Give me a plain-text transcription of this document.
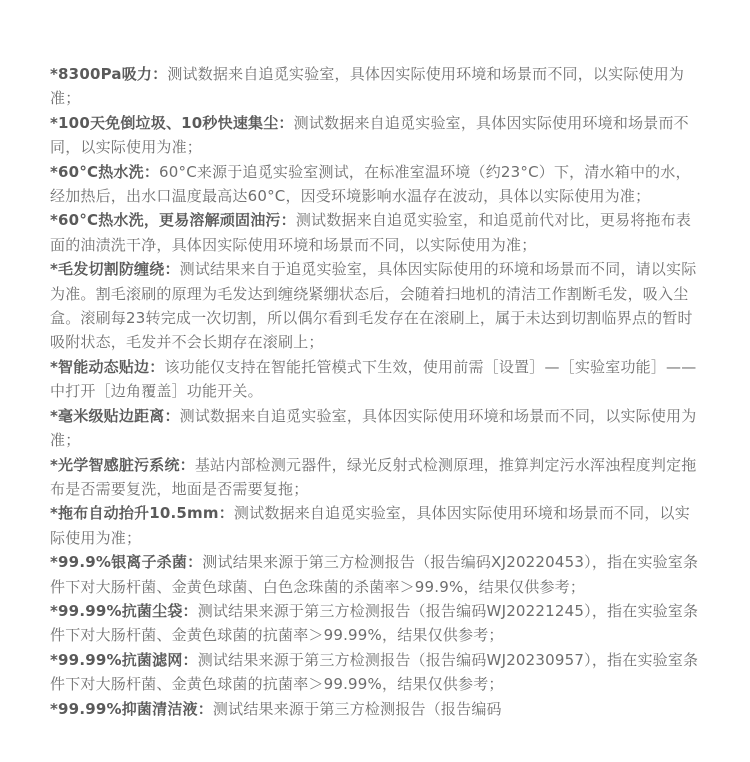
*8300Pa吸力：测试数据来自追觅实验室，具体因实际使用环境和场景而不同，以实际使用为准；

*100天免倒垃圾、10秒快速集尘：测试数据来自追觅实验室，具体因实际使用环境和场景而不同，以实际使用为准；

*60°C热水洗：60°C来源于追觅实验室测试，在标准室温环境（约23°C）下，清水箱中的水，经加热后，出水口温度最高达60°C，因受环境影响水温存在波动，具体以实际使用为准；

*60°C热水洗，更易溶解顽固油污：测试数据来自追觅实验室，和追觅前代对比，更易将拖布表面的油渍洗干净，具体因实际使用环境和场景而不同，以实际使用为准；

*毛发切割防缠绕：测试结果来自于追觅实验室，具体因实际使用的环境和场景而不同，请以实际为准。割毛滚刷的原理为毛发达到缠绕紧绷状态后，会随着扫地机的清洁工作割断毛发，吸入尘盒。滚刷每23转完成一次切割，所以偶尔看到毛发存在在滚刷上，属于未达到切割临界点的暂时吸附状态，毛发并不会长期存在滚刷上；

*智能动态贴边：该功能仅支持在智能托管模式下生效，使用前需［设置］—［实验室功能］——中打开［边角覆盖］功能开关。

*毫米级贴边距离：测试数据来自追觅实验室，具体因实际使用环境和场景而不同，以实际使用为准；

*光学智感脏污系统：基站内部检测元器件，绿光反射式检测原理，推算判定污水浑浊程度判定拖布是否需要复洗，地面是否需要复拖；

*拖布自动抬升10.5mm：测试数据来自追觅实验室，具体因实际使用环境和场景而不同，以实际使用为准；

*99.9%银离子杀菌：测试结果来源于第三方检测报告（报告编码XJ20220453），指在实验室条件下对大肠杆菌、金黄色球菌、白色念珠菌的杀菌率＞99.9%，结果仅供参考；

*99.99%抗菌尘袋：测试结果来源于第三方检测报告（报告编码WJ20221245），指在实验室条件下对大肠杆菌、金黄色球菌的抗菌率＞99.99%，结果仅供参考；

*99.99%抗菌滤网：测试结果来源于第三方检测报告（报告编码WJ20230957），指在实验室条件下对大肠杆菌、金黄色球菌的抗菌率＞99.99%，结果仅供参考；

*99.99%抑菌清洁液：测试结果来源于第三方检测报告（报告编码
